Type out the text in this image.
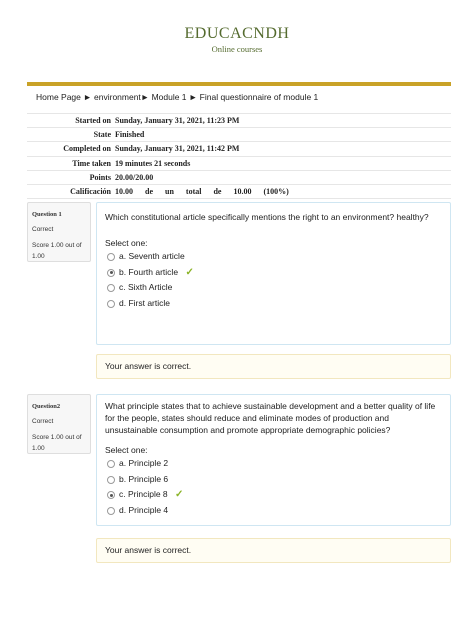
EDUCACNDH
Online courses
Home Page ► environment► Module 1 ► Final questionnaire of module 1
Started on	Sunday, January 31, 2021, 11:23 PM
State	Finished
Completed on	Sunday, January 31, 2021, 11:42 PM
Time taken	19 minutes 21 seconds
Points	20.00/20.00
Calificación	10.00 de un total de 10.00 (100%)
Question 1
Correct
Score 1.00 out of 1.00

Which constitutional article specifically mentions the right to an environment? healthy?

Select one:
a. Seventh article
b. Fourth article ✓
c. Sixth Article
d. First article
Your answer is correct.
Question2
Correct
Score 1.00 out of 1.00

What principle states that to achieve sustainable development and a better quality of life for the people, states should reduce and eliminate modes of production and unsustainable consumption and promote appropriate demographic policies?

Select one:
a. Principle 2
b. Principle 6
c. Principle 8 ✓
d. Principle 4
Your answer is correct.
